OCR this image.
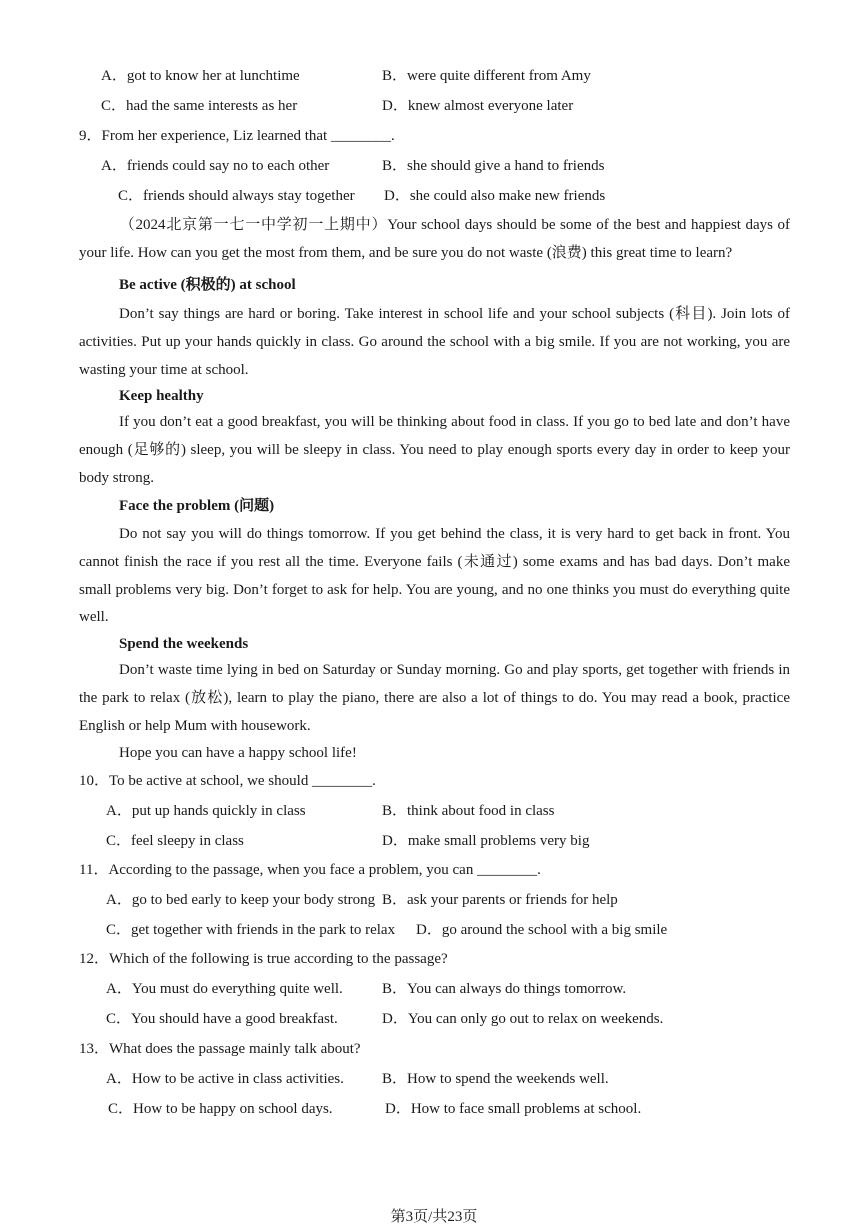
A．got to know her at lunchtime	B．were quite different from Amy
C．had the same interests as her	D．knew almost everyone later
9．From her experience, Liz learned that ________.
A．friends could say no to each other	B．she should give a hand to friends
C．friends should always stay together D．she could also make new friends
（2024北京第一七一中学初一上期中）Your school days should be some of the best and happiest days of your life. How can you get the most from them, and be sure you do not waste (浪费) this great time to learn?
Be active (积极的) at school
Don’t say things are hard or boring. Take interest in school life and your school subjects (科目). Join lots of activities. Put up your hands quickly in class. Go around the school with a big smile. If you are not working, you are wasting your time at school.
Keep healthy
If you don’t eat a good breakfast, you will be thinking about food in class. If you go to bed late and don’t have enough (足够的) sleep, you will be sleepy in class. You need to play enough sports every day in order to keep your body strong.
Face the problem (问题)
Do not say you will do things tomorrow. If you get behind the class, it is very hard to get back in front. You cannot finish the race if you rest all the time. Everyone fails (未通过) some exams and has bad days. Don’t make small problems very big. Don’t forget to ask for help. You are young, and no one thinks you must do everything quite well.
Spend the weekends
Don’t waste time lying in bed on Saturday or Sunday morning. Go and play sports, get together with friends in the park to relax (放松), learn to play the piano, there are also a lot of things to do. You may read a book, practice English or help Mum with housework.
Hope you can have a happy school life!
10．To be active at school, we should ________.
A．put up hands quickly in class	B．think about food in class
C．feel sleepy in class	D．make small problems very big
11．According to the passage, when you face a problem, you can ________.
A．go to bed early to keep your body strong B．ask your parents or friends for help
C．get together with friends in the park to relax D．go around the school with a big smile
12．Which of the following is true according to the passage?
A．You must do everything quite well.	B．You can always do things tomorrow.
C．You should have a good breakfast.	D．You can only go out to relax on weekends.
13．What does the passage mainly talk about?
A．How to be active in class activities.	B．How to spend the weekends well.
C．How to be happy on school days.	D．How to face small problems at school.
第3页/共23页
